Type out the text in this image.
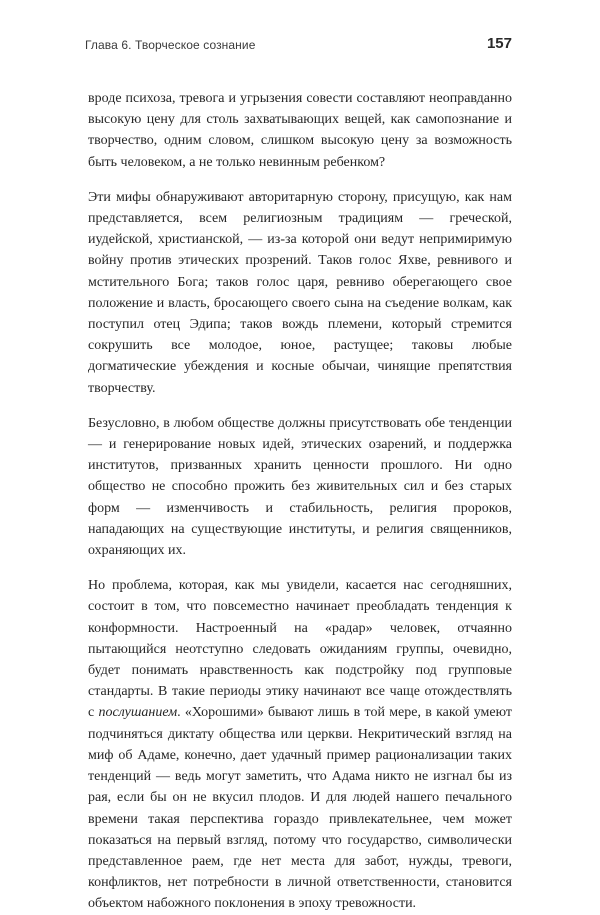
Глава 6. Творческое сознание	157

вроде психоза, тревога и угрызения совести составляют неоправданно высокую цену для столь захватывающих вещей, как самопознание и творчество, одним словом, слишком высокую цену за возможность быть человеком, а не только невинным ребенком?

Эти мифы обнаруживают авторитарную сторону, присущую, как нам представляется, всем религиозным традициям — греческой, иудейской, христианской, — из-за которой они ведут непримиримую войну против этических прозрений. Таков голос Яхве, ревнивого и мстительного Бога; таков голос царя, ревниво оберегающего свое положение и власть, бросающего своего сына на съедение волкам, как поступил отец Эдипа; таков вождь племени, который стремится сокрушить все молодое, юное, растущее; таковы любые догматические убеждения и косные обычаи, чинящие препятствия творчеству.

Безусловно, в любом обществе должны присутствовать обе тенденции — и генерирование новых идей, этических озарений, и поддержка институтов, призванных хранить ценности прошлого. Ни одно общество не способно прожить без живительных сил и без старых форм — изменчивость и стабильность, религия пророков, нападающих на существующие институты, и религия священников, охраняющих их.

Но проблема, которая, как мы увидели, касается нас сегодняшних, состоит в том, что повсеместно начинает преобладать тенденция к конформности. Настроенный на «радар» человек, отчаянно пытающийся неотступно следовать ожиданиям группы, очевидно, будет понимать нравственность как подстройку под групповые стандарты. В такие периоды этику начинают все чаще отождествлять с послушанием. «Хорошими» бывают лишь в той мере, в какой умеют подчиняться диктату общества или церкви. Некритический взгляд на миф об Адаме, конечно, дает удачный пример рационализации таких тенденций — ведь могут заметить, что Адама никто не изгнал бы из рая, если бы он не вкусил плодов. И для людей нашего печального времени такая перспектива гораздо привлекательнее, чем может показаться на первый взгляд, потому что государство, символически представленное раем, где нет места для забот, нужды, тревоги, конфликтов, нет потребности в личной ответственности, становится объектом набожного поклонения в эпоху тревожности.
